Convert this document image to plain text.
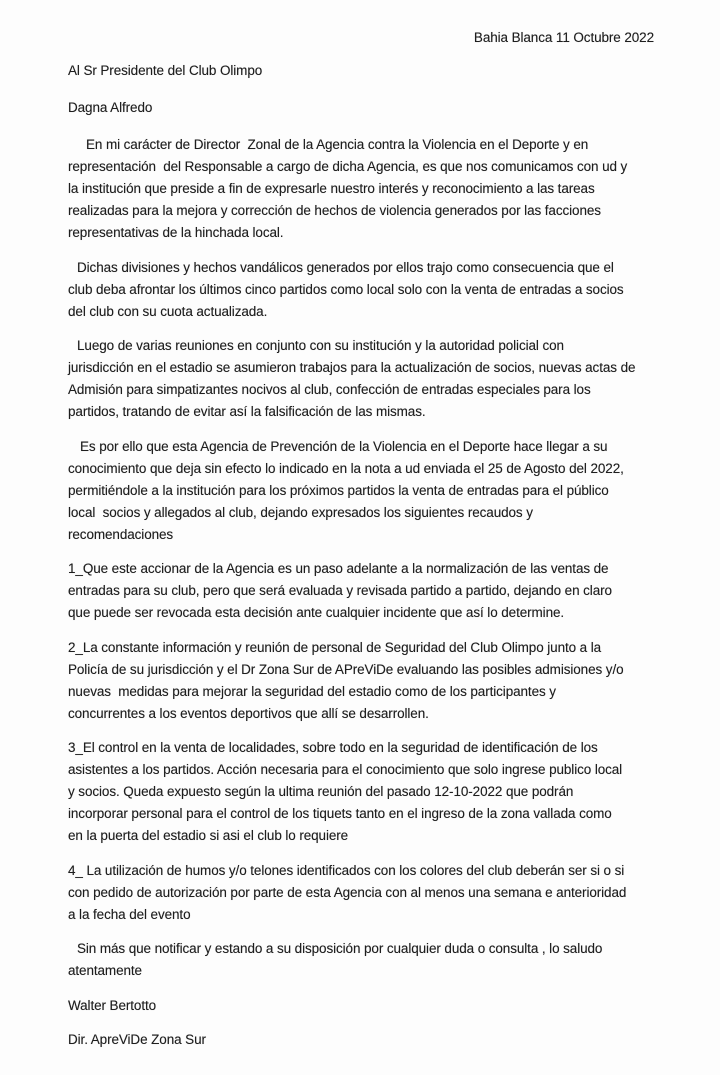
Bahia Blanca 11 Octubre 2022
Al Sr Presidente del Club Olimpo
Dagna Alfredo
En mi carácter de Director  Zonal de la Agencia contra la Violencia en el Deporte y en
representación  del Responsable a cargo de dicha Agencia, es que nos comunicamos con ud y
la institución que preside a fin de expresarle nuestro interés y reconocimiento a las tareas
realizadas para la mejora y corrección de hechos de violencia generados por las facciones
representativas de la hinchada local.
Dichas divisiones y hechos vandálicos generados por ellos trajo como consecuencia que el
club deba afrontar los últimos cinco partidos como local solo con la venta de entradas a socios
del club con su cuota actualizada.
Luego de varias reuniones en conjunto con su institución y la autoridad policial con
jurisdicción en el estadio se asumieron trabajos para la actualización de socios, nuevas actas de
Admisión para simpatizantes nocivos al club, confección de entradas especiales para los
partidos, tratando de evitar así la falsificación de las mismas.
Es por ello que esta Agencia de Prevención de la Violencia en el Deporte hace llegar a su
conocimiento que deja sin efecto lo indicado en la nota a ud enviada el 25 de Agosto del 2022,
permitiéndole a la institución para los próximos partidos la venta de entradas para el público
local  socios y allegados al club, dejando expresados los siguientes recaudos y
recomendaciones
1_Que este accionar de la Agencia es un paso adelante a la normalización de las ventas de
entradas para su club, pero que será evaluada y revisada partido a partido, dejando en claro
que puede ser revocada esta decisión ante cualquier incidente que así lo determine.
2_La constante información y reunión de personal de Seguridad del Club Olimpo junto a la
Policía de su jurisdicción y el Dr Zona Sur de APreViDe evaluando las posibles admisiones y/o
nuevas  medidas para mejorar la seguridad del estadio como de los participantes y
concurrentes a los eventos deportivos que allí se desarrollen.
3_El control en la venta de localidades, sobre todo en la seguridad de identificación de los
asistentes a los partidos. Acción necesaria para el conocimiento que solo ingrese publico local
y socios. Queda expuesto según la ultima reunión del pasado 12-10-2022 que podrán
incorporar personal para el control de los tiquets tanto en el ingreso de la zona vallada como
en la puerta del estadio si asi el club lo requiere
4_ La utilización de humos y/o telones identificados con los colores del club deberán ser si o si
con pedido de autorización por parte de esta Agencia con al menos una semana e anterioridad
a la fecha del evento
Sin más que notificar y estando a su disposición por cualquier duda o consulta , lo saludo
atentamente
Walter Bertotto
Dir. ApreViDe Zona Sur
